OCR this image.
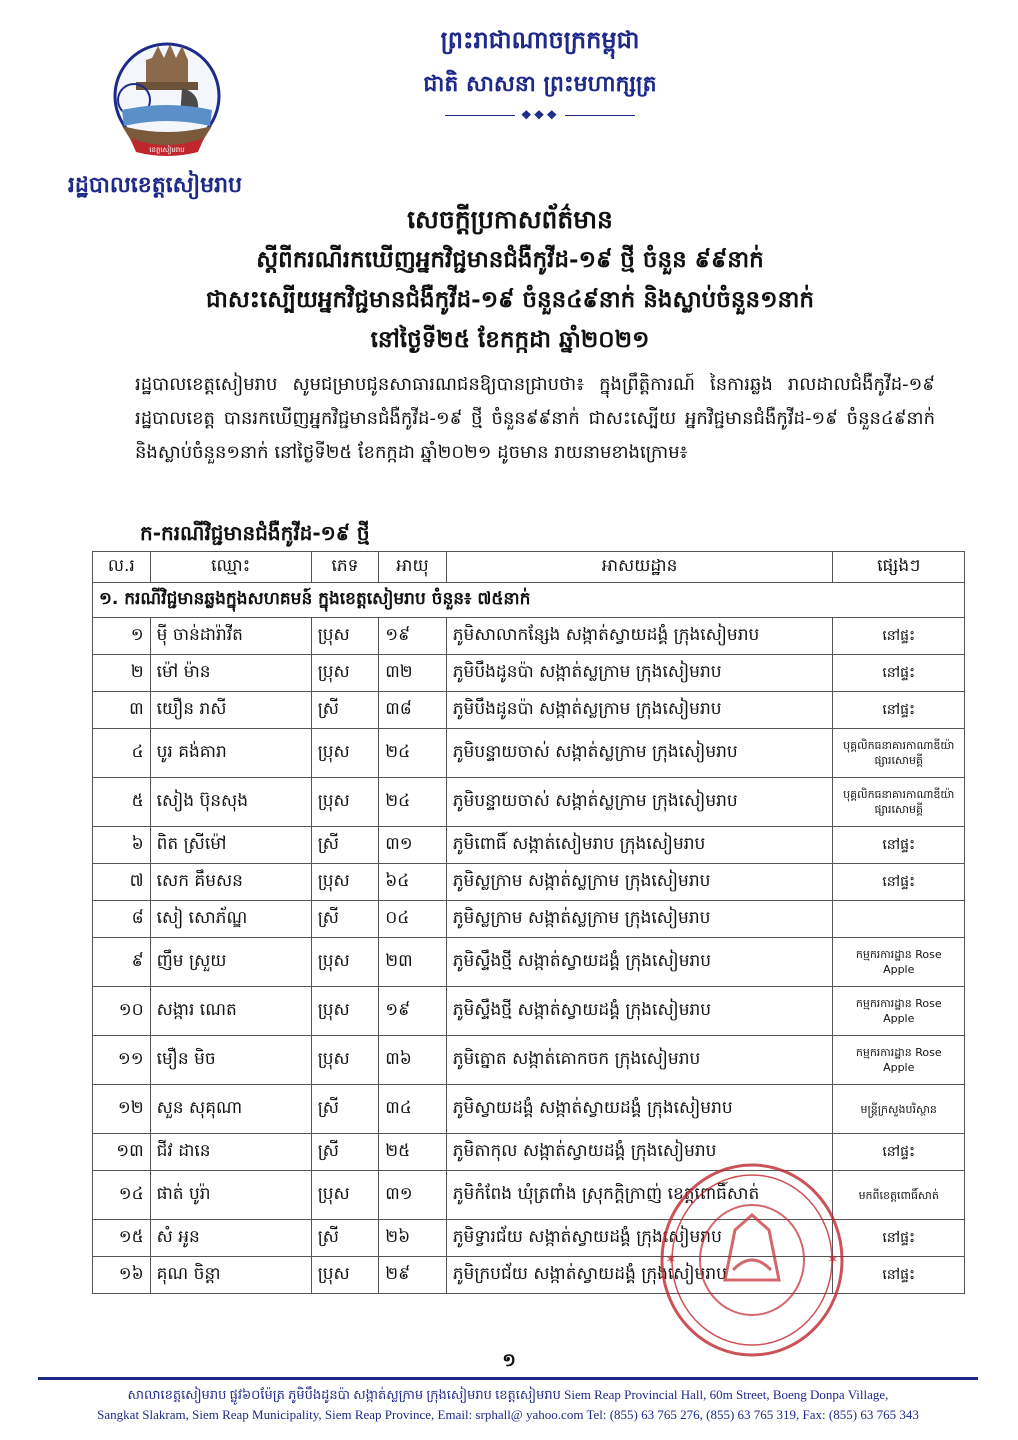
ខេត្តសៀមរាប
រដ្ឋបាលខេត្តសៀមរាប
ព្រះរាជាណាចក្រកម្ពុជា
ជាតិ សាសនា ព្រះមហាក្សត្រ
❖❖❖
សេចក្ដីប្រកាសព័ត៌មាន
ស្ដីពីករណីរកឃើញអ្នកវិជ្ជមានជំងឺកូវីដ-១៩ ថ្មី ចំនួន ៩៩នាក់
ជាសះស្បើយអ្នកវិជ្ជមានជំងឺកូវីដ-១៩ ចំនួន៤៩នាក់ និងស្លាប់ចំនួន១នាក់
នៅថ្ងៃទី២៥ ខែកក្កដា ឆ្នាំ២០២១

រដ្ឋបាលខេត្តសៀមរាប សូមជម្រាបជូនសាធារណជនឱ្យបានជ្រាបថា៖ ក្នុងព្រឹត្តិការណ៍ នៃការឆ្លង រាលដាលជំងឺកូវីដ-១៩ រដ្ឋបាលខេត្ត បានរកឃើញអ្នកវិជ្ជមានជំងឺកូវីដ-១៩ ថ្មី ចំនួន៩៩នាក់ ជាសះស្បើយ អ្នកវិជ្ជមានជំងឺកូវីដ-១៩ ចំនួន៤៩នាក់ និងស្លាប់ចំនួន១នាក់ នៅថ្ងៃទី២៥ ខែកក្កដា ឆ្នាំ២០២១ ដូចមាន រាយនាមខាងក្រោម៖

ក-ករណីវិជ្ជមានជំងឺកូវីដ-១៩ ថ្មី
ល.រ	ឈ្មោះ	ភេទ	អាយុ	អាសយដ្ឋាន	ផ្សេងៗ
១. ករណីវិជ្ជមានឆ្លងក្នុងសហគមន៍ ក្នុងខេត្តសៀមរាប ចំនួន៖ ៧៥នាក់					
១	មុី ចាន់ដារ៉ាវីត	ប្រុស	១៩	ភូមិសាលាកន្សែង សង្កាត់ស្វាយដង្គំ ក្រុងសៀមរាប	នៅផ្ទះ
២	ម៉ៅ ម៉ាន	ប្រុស	៣២	ភូមិបឹងដូនប៉ា សង្កាត់ស្លក្រាម ក្រុងសៀមរាប	នៅផ្ទះ
៣	យឿន រាសី	ស្រី	៣៨	ភូមិបឹងដូនប៉ា សង្កាត់ស្លក្រាម ក្រុងសៀមរាប	នៅផ្ទះ
៤	បូរ គង់គារា	ប្រុស	២៤	ភូមិបន្ទាយចាស់ សង្កាត់ស្លក្រាម ក្រុងសៀមរាប	បុគ្គលិកធនាគារកាណាឌីយ៉ា ផ្សារសោមគ្គី
៥	សៀង ប៊ុនសុង	ប្រុស	២៤	ភូមិបន្ទាយចាស់ សង្កាត់ស្លក្រាម ក្រុងសៀមរាប	បុគ្គលិកធនាគារកាណាឌីយ៉ា ផ្សារសោមគ្គី
៦	ពិត ស្រីម៉ៅ	ស្រី	៣១	ភូមិពោធិ៍ សង្កាត់សៀមរាប ក្រុងសៀមរាប	នៅផ្ទះ
៧	សេក គឹមសន	ប្រុស	៦៤	ភូមិស្លក្រាម សង្កាត់ស្លក្រាម ក្រុងសៀមរាប	នៅផ្ទះ
៨	សៀ សោភ័ណ្ឌ	ស្រី	០៤	ភូមិស្លក្រាម សង្កាត់ស្លក្រាម ក្រុងសៀមរាប	
៩	ញឹម ស្រួយ	ប្រុស	២៣	ភូមិស្ទឹងថ្មី សង្កាត់ស្វាយដង្គំ ក្រុងសៀមរាប	កម្មករការដ្ឋាន Rose Apple
១០	សង្ការ ណេត	ប្រុស	១៩	ភូមិស្ទឹងថ្មី សង្កាត់ស្វាយដង្គំ ក្រុងសៀមរាប	កម្មករការដ្ឋាន Rose Apple
១១	មឿន មិច	ប្រុស	៣៦	ភូមិត្នោត សង្កាត់គោកចក ក្រុងសៀមរាប	កម្មករការដ្ឋាន Rose Apple
១២	សួន សុគុណា	ស្រី	៣៤	ភូមិស្វាយដង្គំ សង្កាត់ស្វាយដង្គំ ក្រុងសៀមរាប	មន្ត្រីក្រសួងបរិស្ថាន
១៣	ជីវ ដានេ	ស្រី	២៥	ភូមិតាកុល សង្កាត់ស្វាយដង្គំ ក្រុងសៀមរាប	នៅផ្ទះ
១៤	ផាត់ បូរ៉ា	ប្រុស	៣១	ភូមិកំពែង ឃុំត្រពាំង ស្រុកក្ដិក្រាញ់ ខេត្តពោធិ៍សាត់	មកពីខេត្តពោធិ៍សាត់
១៥	សំ អូន	ស្រី	២៦	ភូមិទ្វារជ័យ សង្កាត់ស្វាយដង្គំ ក្រុងសៀមរាប	នៅផ្ទះ
១៦	គុណ ចិន្តា	ប្រុស	២៩	ភូមិក្របជ័យ សង្កាត់ស្វាយដង្គំ ក្រុងសៀមរាប	នៅផ្ទះ
✶	✶
១
សាលាខេត្តសៀមរាប ផ្លូវ៦០ម៉ែត្រ ភូមិបឹងដូនប៉ា សង្កាត់ស្លក្រាម ក្រុងសៀមរាប ខេត្តសៀមរាប Siem Reap Provincial Hall, 60m Street, Boeng Donpa Village,
Sangkat Slakram, Siem Reap Municipality, Siem Reap Province, Email: srphall@ yahoo.com Tel: (855) 63 765 276, (855) 63 765 319, Fax: (855) 63 765 343
